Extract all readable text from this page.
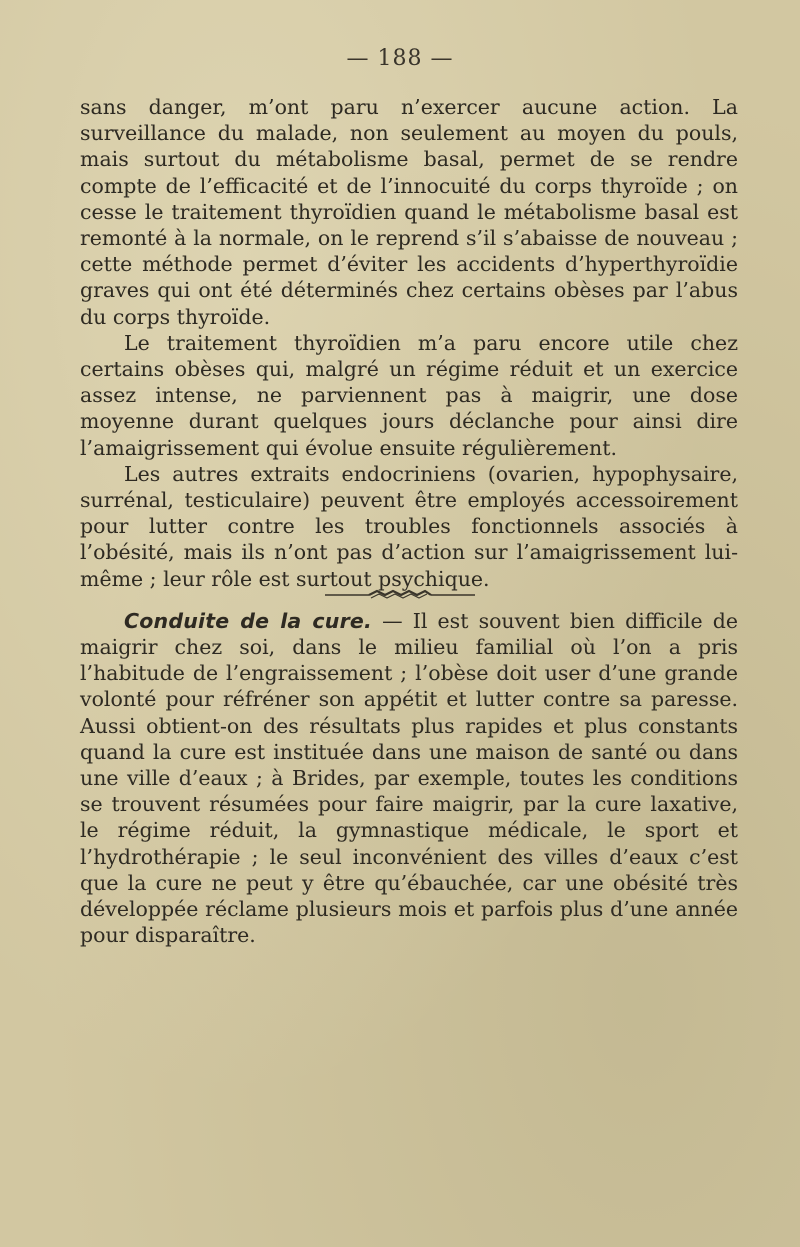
— 188 —

sans danger, m’ont paru n’exercer aucune action. La surveillance du malade, non seulement au moyen du pouls, mais surtout du métabolisme basal, permet de se rendre compte de l’efficacité et de l’innocuité du corps thyroïde ; on cesse le traitement thyroïdien quand le métabolisme basal est remonté à la normale, on le reprend s’il s’abaisse de nouveau ; cette méthode permet d’éviter les accidents d’hyperthyroïdie graves qui ont été déterminés chez certains obèses par l’abus du corps thyroïde.

Le traitement thyroïdien m’a paru encore utile chez certains obèses qui, malgré un régime réduit et un exercice assez intense, ne parviennent pas à maigrir, une dose moyenne durant quelques jours déclanche pour ainsi dire l’amaigrissement qui évolue ensuite régulièrement.

Les autres extraits endocriniens (ovarien, hypophysaire, surrénal, testiculaire) peuvent être employés accessoirement pour lutter contre les troubles fonctionnels associés à l’obésité, mais ils n’ont pas d’action sur l’amaigrissement lui-même ; leur rôle est surtout psychique.

Conduite de la cure. — Il est souvent bien difficile de maigrir chez soi, dans le milieu familial où l’on a pris l’habitude de l’engraissement ; l’obèse doit user d’une grande volonté pour réfréner son appétit et lutter contre sa paresse. Aussi obtient-on des résultats plus rapides et plus constants quand la cure est instituée dans une maison de santé ou dans une ville d’eaux ; à Brides, par exemple, toutes les conditions se trouvent résumées pour faire maigrir, par la cure laxative, le régime réduit, la gymnastique médicale, le sport et l’hydrothérapie ; le seul inconvénient des villes d’eaux c’est que la cure ne peut y être qu’ébauchée, car une obésité très développée réclame plusieurs mois et parfois plus d’une année pour disparaître.
